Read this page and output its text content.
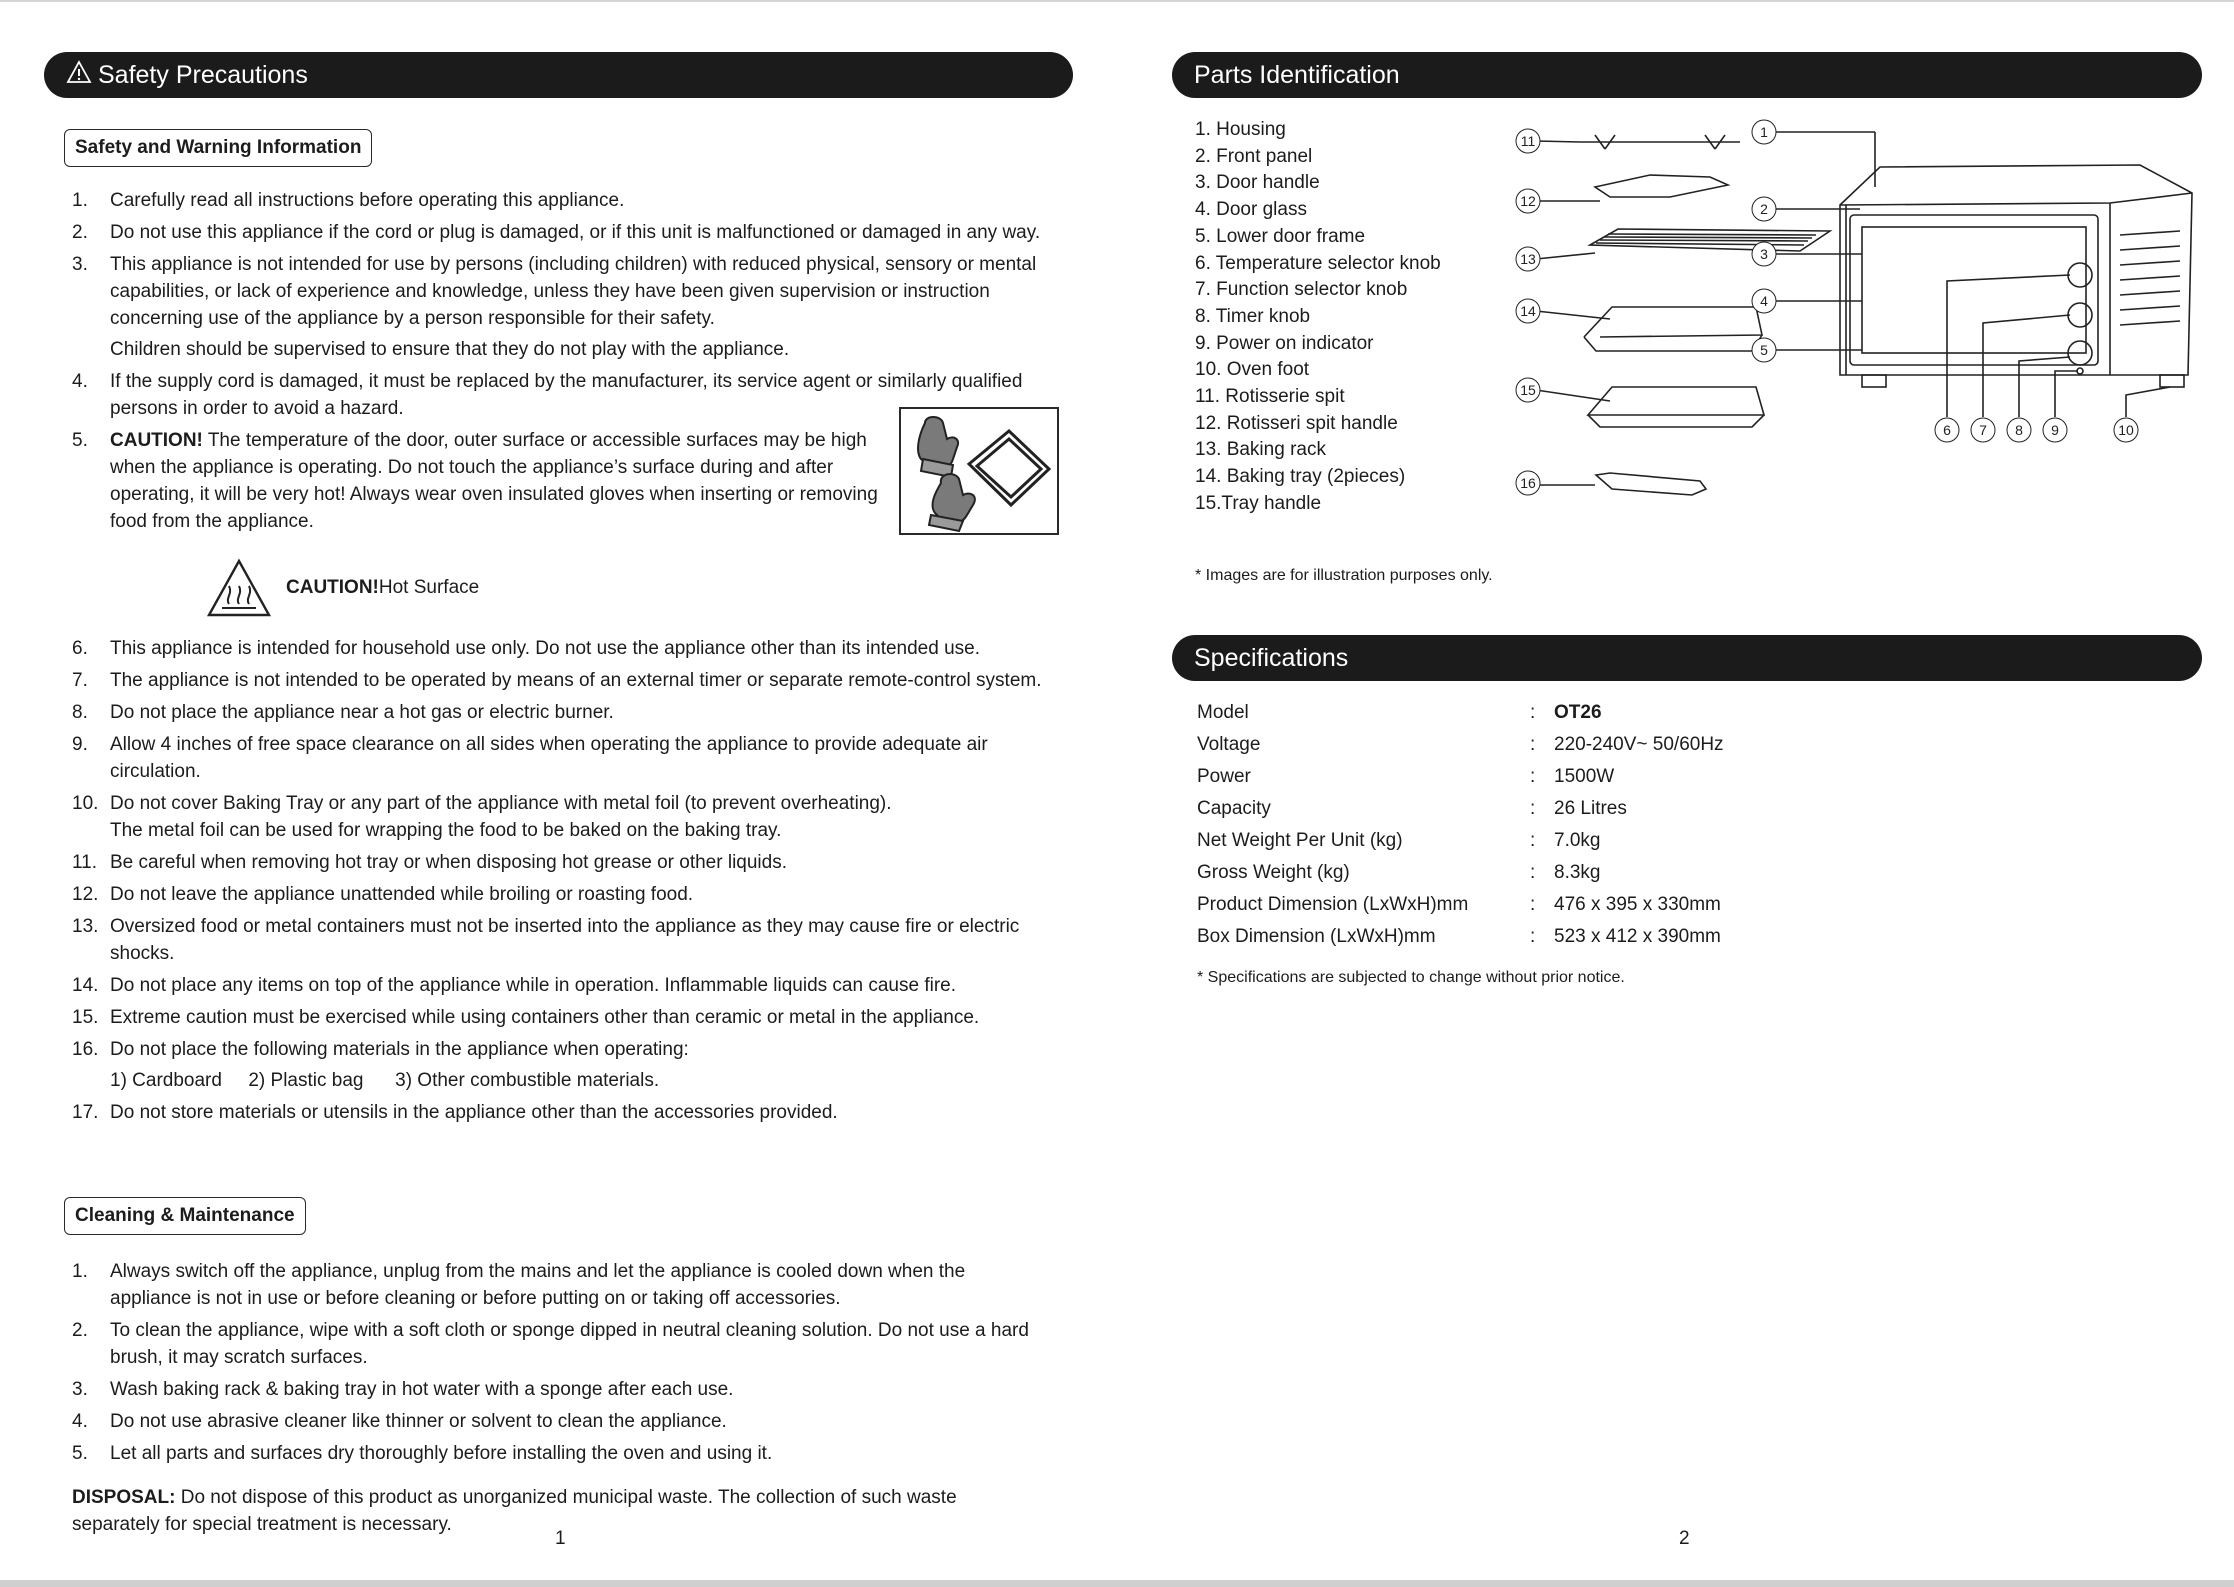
Safety Precautions
Safety and Warning Information
1.	Carefully read all instructions before operating this appliance.
2.	Do not use this appliance if the cord or plug is damaged, or if this unit is malfunctioned or damaged in any way.
3.	This appliance is not intended for use by persons (including children) with reduced physical, sensory or mental capabilities, or lack of experience and knowledge, unless they have been given supervision or instruction concerning use of the appliance by a person responsible for their safety.
Children should be supervised to ensure that they do not play with the appliance.
4.	If the supply cord is damaged, it must be replaced by the manufacturer, its service agent or similarly qualified persons in order to avoid a hazard.
5.	CAUTION! The temperature of the door, outer surface or accessible surfaces may be high when the appliance is operating. Do not touch the appliance’s surface during and after operating, it will be very hot! Always wear oven insulated gloves when inserting or removing food from the appliance.
CAUTION! Hot Surface
6.	This appliance is intended for household use only. Do not use the appliance other than its intended use.
7.	The appliance is not intended to be operated by means of an external timer or separate remote-control system.
8.	Do not place the appliance near a hot gas or electric burner.
9.	Allow 4 inches of free space clearance on all sides when operating the appliance to provide adequate air circulation.
10. Do not cover Baking Tray or any part of the appliance with metal foil (to prevent overheating).
The metal foil can be used for wrapping the food to be baked on the baking tray.
11. Be careful when removing hot tray or when disposing hot grease or other liquids.
12. Do not leave the appliance unattended while broiling or roasting food.
13. Oversized food or metal containers must not be inserted into the appliance as they may cause fire or electric shocks.
14. Do not place any items on top of the appliance while in operation. Inflammable liquids can cause fire.
15. Extreme caution must be exercised while using containers other than ceramic or metal in the appliance.
16. Do not place the following materials in the appliance when operating:
1) Cardboard     2) Plastic bag      3) Other combustible materials.
17. Do not store materials or utensils in the appliance other than the accessories provided.
Cleaning & Maintenance
1.	Always switch off the appliance, unplug from the mains and let the appliance is cooled down when the appliance is not in use or before cleaning or before putting on or taking off accessories.
2.	To clean the appliance, wipe with a soft cloth or sponge dipped in neutral cleaning solution. Do not use a hard brush, it may scratch surfaces.
3.	Wash baking rack & baking tray in hot water with a sponge after each use.
4.	Do not use abrasive cleaner like thinner or solvent to clean the appliance.
5.	Let all parts and surfaces dry thoroughly before installing the oven and using it.
DISPOSAL: Do not dispose of this product as unorganized municipal waste. The collection of such waste separately for special treatment is necessary.
1
Parts Identification
1. Housing
2. Front panel
3. Door handle
4. Door glass
5. Lower door frame
6. Temperature selector knob
7. Function selector knob
8. Timer knob
9. Power on indicator
10. Oven foot
11. Rotisserie spit
12. Rotisseri spit handle
13. Baking rack
14. Baking tray (2pieces)
15.Tray handle
11
12
13
14
15
16
1
2
3
4
5
6 7 8 9	10
* Images are for illustration purposes only.
Specifications
Model	:	OT26
Voltage	:	220-240V~ 50/60Hz
Power	:	1500W
Capacity	:	26 Litres
Net Weight Per Unit (kg)	:	7.0kg
Gross Weight (kg)	:	8.3kg
Product Dimension (LxWxH)mm	:	476 x 395 x 330mm
Box Dimension (LxWxH)mm	:	523 x 412 x 390mm
* Specifications are subjected to change without prior notice.
2
